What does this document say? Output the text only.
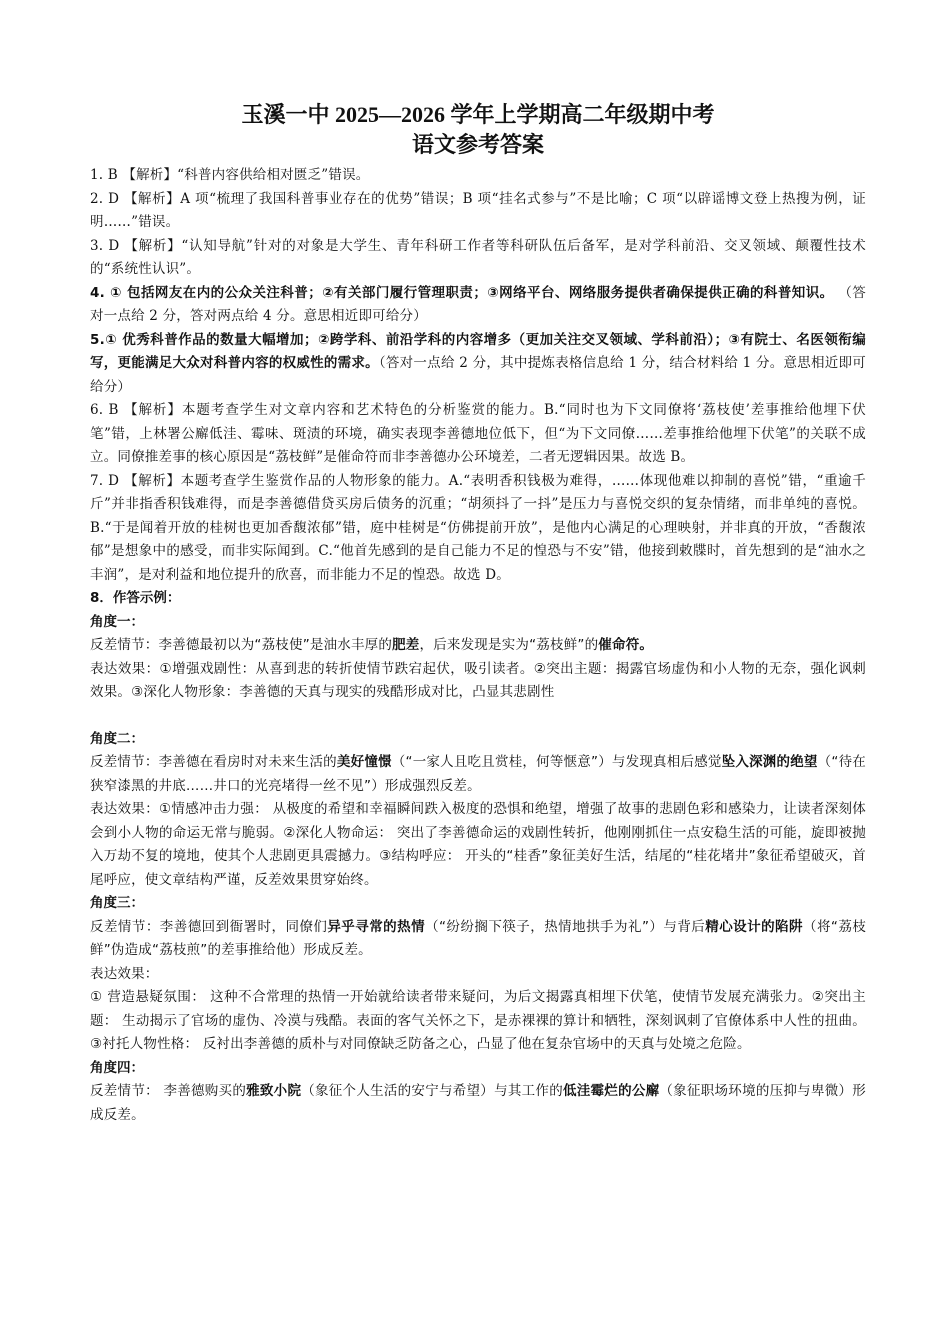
玉溪一中 2025—2026 学年上学期高二年级期中考
语文参考答案

1. B 【解析】“科普内容供给相对匮乏”错误。

2. D 【解析】A 项“梳理了我国科普事业存在的优势”错误；B 项“挂名式参与”不是比喻；C 项“以辟谣博文登上热搜为例，证明……”错误。

3. D 【解析】“认知导航”针对的对象是大学生、青年科研工作者等科研队伍后备军，是对学科前沿、交叉领域、颠覆性技术的“系统性认识”。

4. ① 包括网友在内的公众关注科普；②有关部门履行管理职责；③网络平台、网络服务提供者确保提供正确的科普知识。 （答对一点给 2 分，答对两点给 4 分。意思相近即可给分）

5.① 优秀科普作品的数量大幅增加；②跨学科、前沿学科的内容增多（更加关注交叉领域、学科前沿）；③有院士、名医领衔编写，更能满足大众对科普内容的权威性的需求。（答对一点给 2 分，其中提炼表格信息给 1 分，结合材料给 1 分。意思相近即可给分）

6. B 【解析】本题考查学生对文章内容和艺术特色的分析鉴赏的能力。B.“同时也为下文同僚将‘荔枝使’差事推给他埋下伏笔”错，上林署公廨低洼、霉味、斑渍的环境，确实表现李善德地位低下，但“为下文同僚……差事推给他埋下伏笔”的关联不成立。同僚推差事的核心原因是“荔枝鲜”是催命符而非李善德办公环境差，二者无逻辑因果。故选 B。

7. D 【解析】本题考查学生鉴赏作品的人物形象的能力。A.“表明香积钱极为难得，……体现他难以抑制的喜悦”错，“重逾千斤”并非指香积钱难得，而是李善德借贷买房后债务的沉重；“胡须抖了一抖”是压力与喜悦交织的复杂情绪，而非单纯的喜悦。B.“于是闻着开放的桂树也更加香馥浓郁”错，庭中桂树是“仿佛提前开放”，是他内心满足的心理映射，并非真的开放，“香馥浓郁”是想象中的感受，而非实际闻到。C.“他首先感到的是自己能力不足的惶恐与不安”错，他接到敕牒时，首先想到的是“油水之丰润”，是对利益和地位提升的欣喜，而非能力不足的惶恐。故选 D。

8．作答示例：

角度一：

反差情节：李善德最初以为“荔枝使”是油水丰厚的肥差，后来发现是实为“荔枝鲜”的催命符。

表达效果：①增强戏剧性：从喜到悲的转折使情节跌宕起伏，吸引读者。②突出主题：揭露官场虚伪和小人物的无奈，强化讽刺效果。③深化人物形象：李善德的天真与现实的残酷形成对比，凸显其悲剧性

角度二：

反差情节：李善德在看房时对未来生活的美好憧憬（“一家人且吃且赏桂，何等惬意”）与发现真相后感觉坠入深渊的绝望（“待在狭窄漆黑的井底……井口的光亮堵得一丝不见”）形成强烈反差。

表达效果：①情感冲击力强： 从极度的希望和幸福瞬间跌入极度的恐惧和绝望，增强了故事的悲剧色彩和感染力，让读者深刻体会到小人物的命运无常与脆弱。②深化人物命运： 突出了李善德命运的戏剧性转折，他刚刚抓住一点安稳生活的可能，旋即被抛入万劫不复的境地，使其个人悲剧更具震撼力。③结构呼应： 开头的“桂香”象征美好生活，结尾的“桂花堵井”象征希望破灭，首尾呼应，使文章结构严谨，反差效果贯穿始终。

角度三：

反差情节：李善德回到衙署时，同僚们异乎寻常的热情（“纷纷搁下筷子，热情地拱手为礼”）与背后精心设计的陷阱（将“荔枝鲜”伪造成“荔枝煎”的差事推给他）形成反差。

表达效果：

① 营造悬疑氛围： 这种不合常理的热情一开始就给读者带来疑问，为后文揭露真相埋下伏笔，使情节发展充满张力。②突出主题： 生动揭示了官场的虚伪、冷漠与残酷。表面的客气关怀之下，是赤裸裸的算计和牺牲，深刻讽刺了官僚体系中人性的扭曲。③衬托人物性格： 反衬出李善德的质朴与对同僚缺乏防备之心，凸显了他在复杂官场中的天真与处境之危险。

角度四：

反差情节： 李善德购买的雅致小院（象征个人生活的安宁与希望）与其工作的低洼霉烂的公廨（象征职场环境的压抑与卑微）形成反差。
